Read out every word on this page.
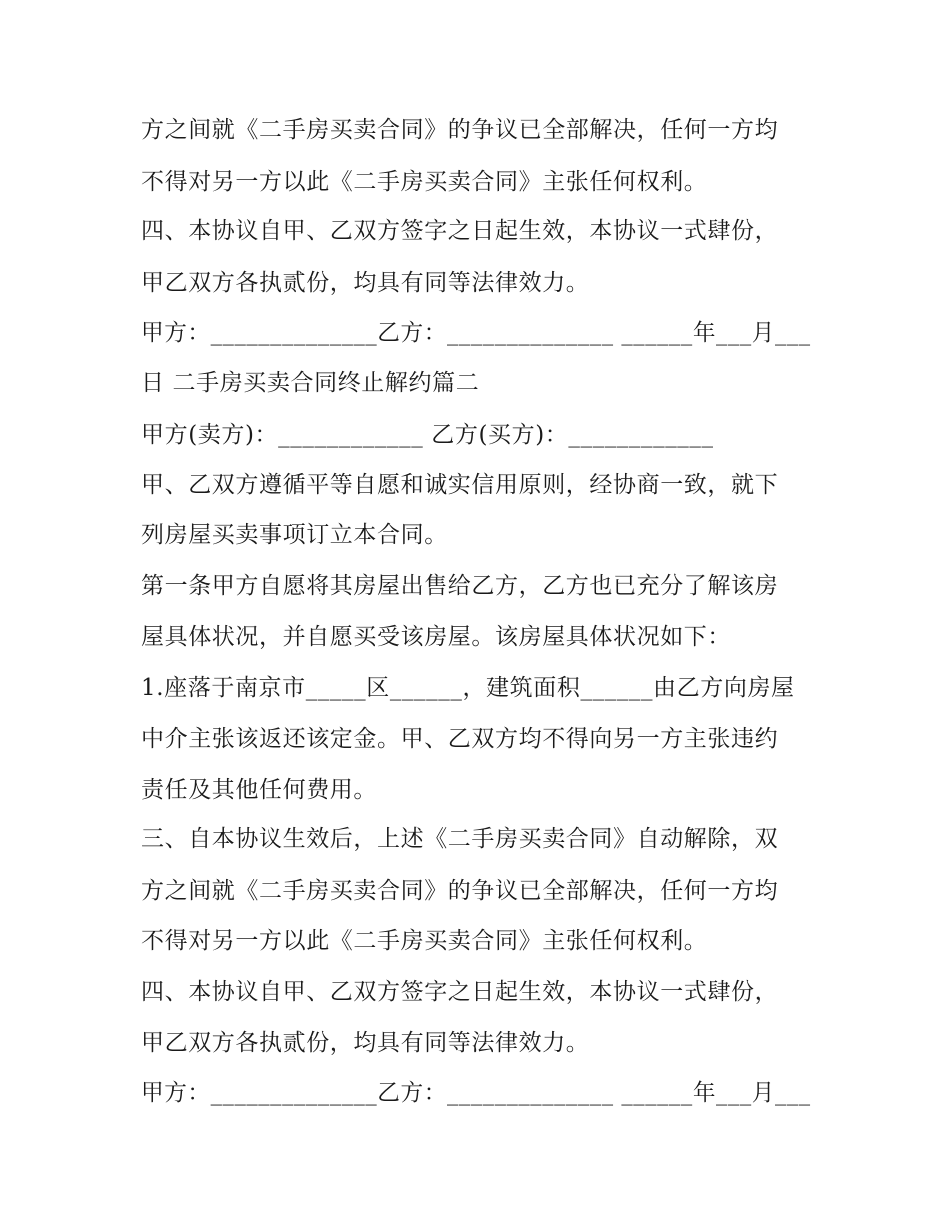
方之间就《二手房买卖合同》的争议已全部解决，任何一方均
不得对另一方以此《二手房买卖合同》主张任何权利。
四、本协议自甲、乙双方签字之日起生效，本协议一式肆份，
甲乙双方各执贰份，均具有同等法律效力。
甲方：______________乙方：______________ ______年___月___
日 二手房买卖合同终止解约篇二
甲方(卖方)：____________ 乙方(买方)：____________
甲、乙双方遵循平等自愿和诚实信用原则，经协商一致，就下
列房屋买卖事项订立本合同。
第一条甲方自愿将其房屋出售给乙方，乙方也已充分了解该房
屋具体状况，并自愿买受该房屋。该房屋具体状况如下：
1.座落于南京市_____区______，建筑面积______由乙方向房屋
中介主张该返还该定金。甲、乙双方均不得向另一方主张违约
责任及其他任何费用。
三、自本协议生效后，上述《二手房买卖合同》自动解除，双
方之间就《二手房买卖合同》的争议已全部解决，任何一方均
不得对另一方以此《二手房买卖合同》主张任何权利。
四、本协议自甲、乙双方签字之日起生效，本协议一式肆份，
甲乙双方各执贰份，均具有同等法律效力。
甲方：______________乙方：______________ ______年___月___
